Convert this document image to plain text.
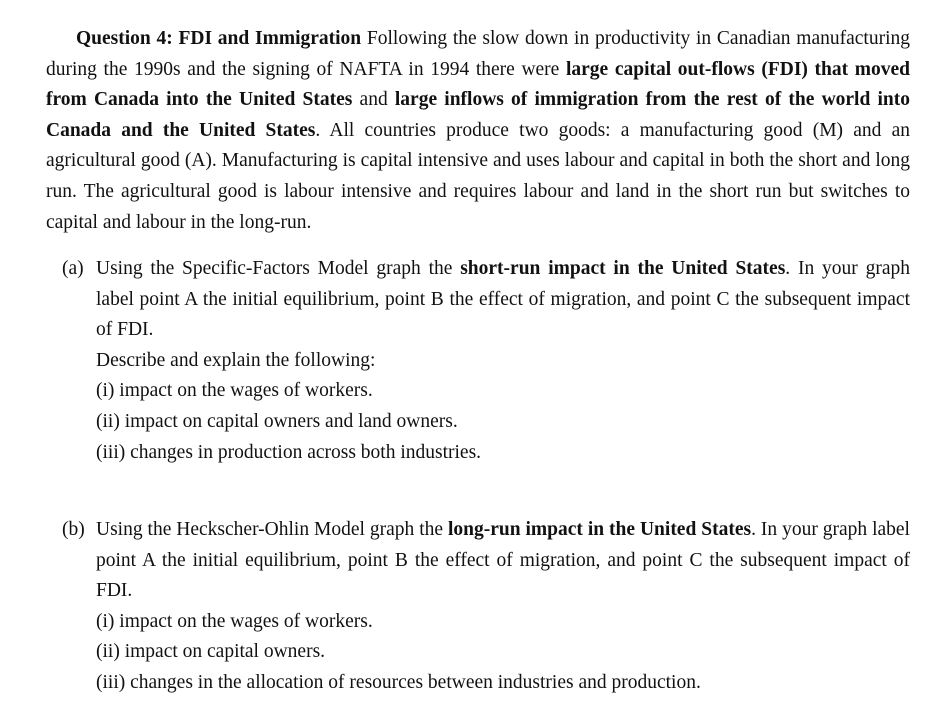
Question 4: FDI and Immigration Following the slow down in productivity in Canadian manufacturing during the 1990s and the signing of NAFTA in 1994 there were large capital out-flows (FDI) that moved from Canada into the United States and large inflows of immigration from the rest of the world into Canada and the United States. All countries produce two goods: a manufacturing good (M) and an agricultural good (A). Manufacturing is capital intensive and uses labour and capital in both the short and long run. The agricultural good is labour intensive and requires labour and land in the short run but switches to capital and labour in the long-run.

(a) Using the Specific-Factors Model graph the short-run impact in the United States. In your graph label point A the initial equilibrium, point B the effect of migration, and point C the subsequent impact of FDI.

Describe and explain the following:

(i) impact on the wages of workers.

(ii) impact on capital owners and land owners.

(iii) changes in production across both industries.

(b) Using the Heckscher-Ohlin Model graph the long-run impact in the United States. In your graph label point A the initial equilibrium, point B the effect of migration, and point C the subsequent impact of FDI.

(i) impact on the wages of workers.

(ii) impact on capital owners.

(iii) changes in the allocation of resources between industries and production.
